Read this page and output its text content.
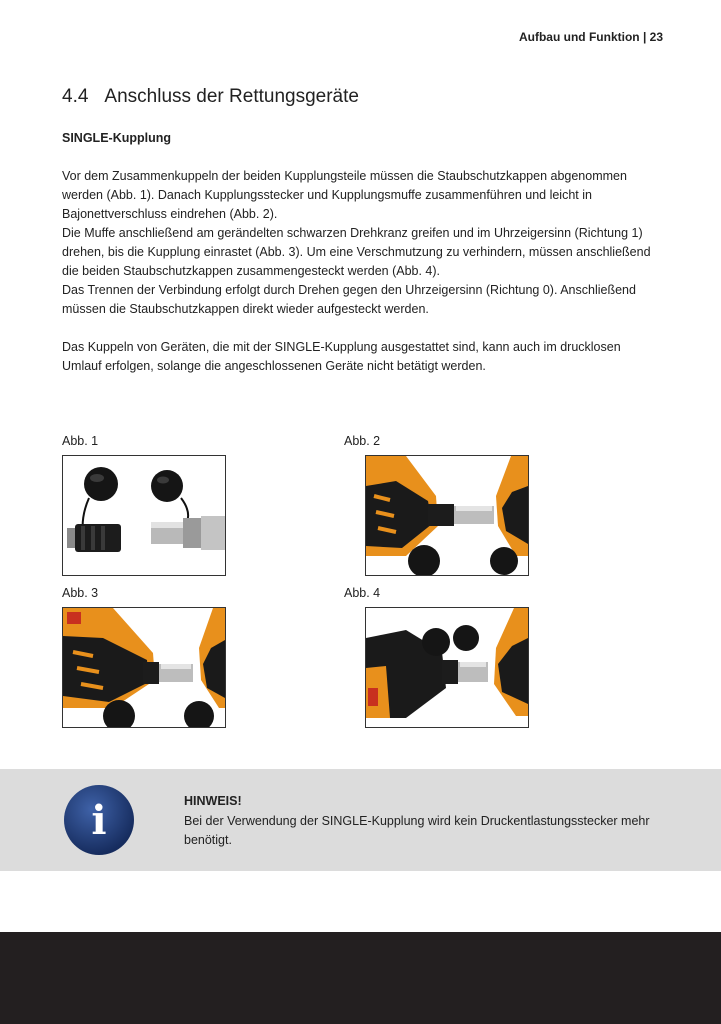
Aufbau und Funktion | 23
4.4 Anschluss der Rettungsgeräte
SINGLE-Kupplung

Vor dem Zusammenkuppeln der beiden Kupplungsteile müssen die Staubschutzkappen abgenommen werden (Abb. 1). Danach Kupplungsstecker und Kupplungsmuffe zusammenführen und leicht in Bajonettverschluss eindrehen (Abb. 2).

Die Muffe anschließend am gerändelten schwarzen Drehkranz greifen und im Uhrzeigersinn (Richtung 1) drehen, bis die Kupplung einrastet (Abb. 3). Um eine Verschmutzung zu verhindern, müssen anschließend die beiden Staubschutzkappen zusammengesteckt werden (Abb. 4).

Das Trennen der Verbindung erfolgt durch Drehen gegen den Uhrzeigersinn (Richtung 0). Anschließend müssen die Staubschutzkappen direkt wieder aufgesteckt werden.

Das Kuppeln von Geräten, die mit der SINGLE-Kupplung ausgestattet sind, kann auch im drucklosen Umlauf erfolgen, solange die angeschlossenen Geräte nicht betätigt werden.

Abb. 1	Abb. 2
Abb. 3	Abb. 4
i	HINWEIS!
Bei der Verwendung der SINGLE-Kupplung wird kein Druckentlastungsstecker mehr benötigt.
